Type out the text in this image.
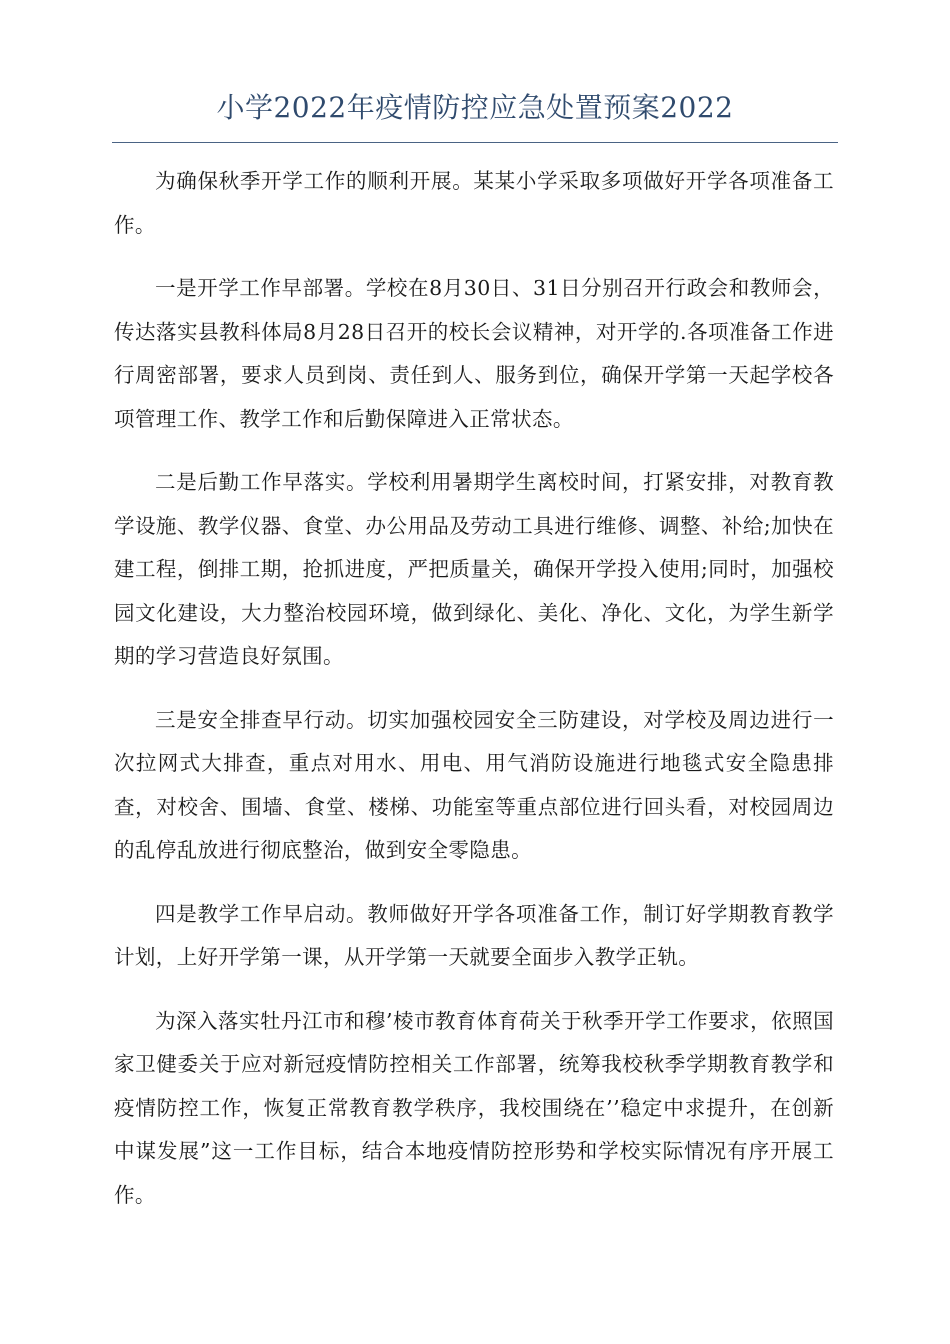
小学2022年疫情防控应急处置预案2022

为确保秋季开学工作的顺利开展。某某小学采取多项做好开学各项准备工作。

一是开学工作早部署。学校在8月30日、31日分别召开行政会和教师会，传达落实县教科体局8月28日召开的校长会议精神，对开学的.各项准备工作进行周密部署，要求人员到岗、责任到人、服务到位，确保开学第一天起学校各项管理工作、教学工作和后勤保障进入正常状态。

二是后勤工作早落实。学校利用暑期学生离校时间，打紧安排，对教育教学设施、教学仪器、食堂、办公用品及劳动工具进行维修、调整、补给;加快在建工程，倒排工期，抢抓进度，严把质量关，确保开学投入使用;同时，加强校园文化建设，大力整治校园环境，做到绿化、美化、净化、文化，为学生新学期的学习营造良好氛围。

三是安全排查早行动。切实加强校园安全三防建设，对学校及周边进行一次拉网式大排查，重点对用水、用电、用气消防设施进行地毯式安全隐患排查，对校舍、围墙、食堂、楼梯、功能室等重点部位进行回头看，对校园周边的乱停乱放进行彻底整治，做到安全零隐患。

四是教学工作早启动。教师做好开学各项准备工作，制订好学期教育教学计划，上好开学第一课，从开学第一天就要全面步入教学正轨。

为深入落实牡丹江市和穆’棱市教育体育荷关于秋季开学工作要求，依照国家卫健委关于应对新冠疫情防控相关工作部署，统筹我校秋季学期教育教学和疫情防控工作，恢复正常教育教学秩序，我校围绕在’’稳定中求提升，在创新中谋发展”这一工作目标，结合本地疫情防控形势和学校实际情况有序开展工作。
